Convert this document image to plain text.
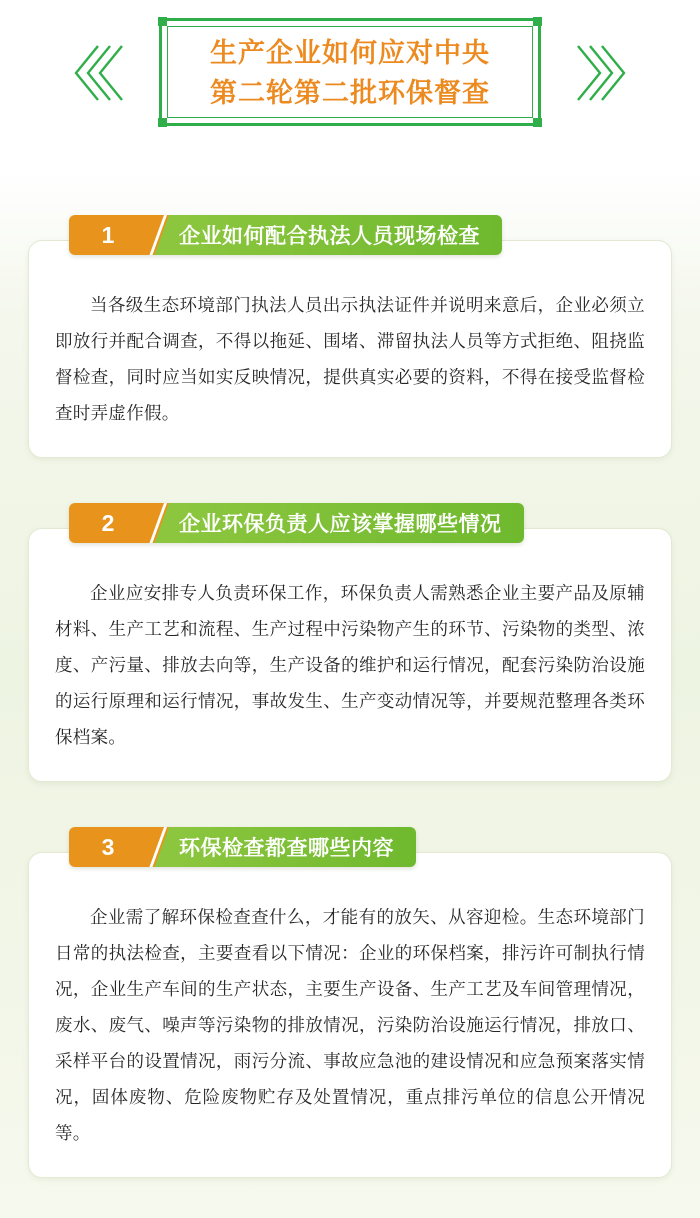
生产企业如何应对中央
第二轮第二批环保督查
1	企业如何配合执法人员现场检查

当各级生态环境部门执法人员出示执法证件并说明来意后，企业必须立即放行并配合调查，不得以拖延、围堵、滞留执法人员等方式拒绝、阻挠监督检查，同时应当如实反映情况，提供真实必要的资料，不得在接受监督检查时弄虚作假。

2	企业环保负责人应该掌握哪些情况

企业应安排专人负责环保工作，环保负责人需熟悉企业主要产品及原辅材料、生产工艺和流程、生产过程中污染物产生的环节、污染物的类型、浓度、产污量、排放去向等，生产设备的维护和运行情况，配套污染防治设施的运行原理和运行情况，事故发生、生产变动情况等，并要规范整理各类环保档案。

3	环保检查都查哪些内容

企业需了解环保检查查什么，才能有的放矢、从容迎检。生态环境部门日常的执法检查，主要查看以下情况：企业的环保档案，排污许可制执行情况，企业生产车间的生产状态，主要生产设备、生产工艺及车间管理情况，废水、废气、噪声等污染物的排放情况，污染防治设施运行情况，排放口、采样平台的设置情况，雨污分流、事故应急池的建设情况和应急预案落实情况，固体废物、危险废物贮存及处置情况，重点排污单位的信息公开情况等。
